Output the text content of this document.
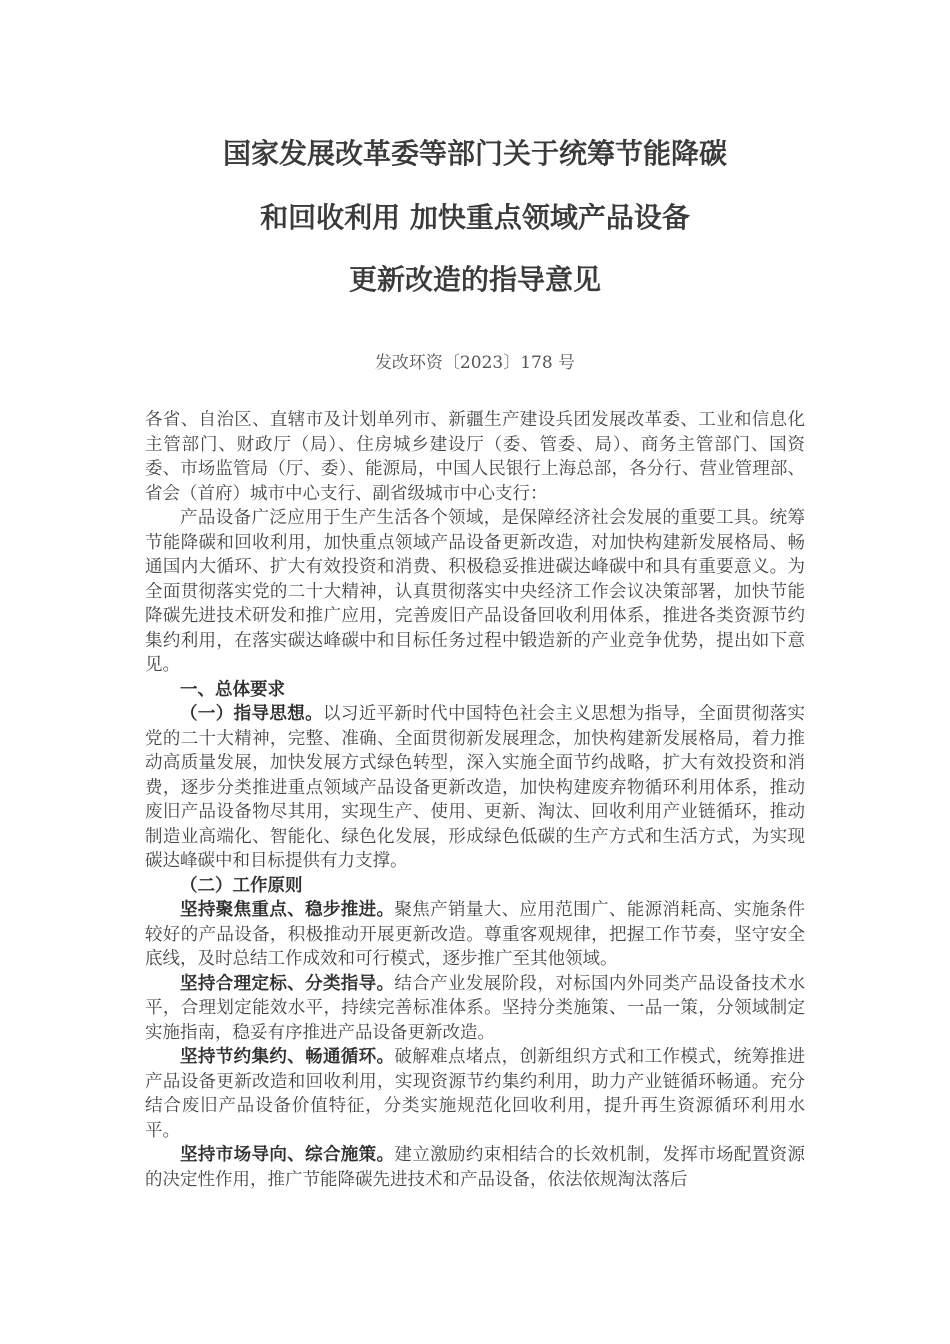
国家发展改革委等部门关于统筹节能降碳
和回收利用 加快重点领域产品设备
更新改造的指导意见
发改环资〔2023〕178 号

各省、自治区、直辖市及计划单列市、新疆生产建设兵团发展改革委、工业和信息化主管部门、财政厅（局）、住房城乡建设厅（委、管委、局）、商务主管部门、国资委、市场监管局（厅、委）、能源局，中国人民银行上海总部，各分行、营业管理部、省会（首府）城市中心支行、副省级城市中心支行：

产品设备广泛应用于生产生活各个领域，是保障经济社会发展的重要工具。统筹节能降碳和回收利用，加快重点领域产品设备更新改造，对加快构建新发展格局、畅通国内大循环、扩大有效投资和消费、积极稳妥推进碳达峰碳中和具有重要意义。为全面贯彻落实党的二十大精神，认真贯彻落实中央经济工作会议决策部署，加快节能降碳先进技术研发和推广应用，完善废旧产品设备回收利用体系，推进各类资源节约集约利用，在落实碳达峰碳中和目标任务过程中锻造新的产业竞争优势，提出如下意见。

一、总体要求

（一）指导思想。以习近平新时代中国特色社会主义思想为指导，全面贯彻落实党的二十大精神，完整、准确、全面贯彻新发展理念，加快构建新发展格局，着力推动高质量发展，加快发展方式绿色转型，深入实施全面节约战略，扩大有效投资和消费，逐步分类推进重点领域产品设备更新改造，加快构建废弃物循环利用体系，推动废旧产品设备物尽其用，实现生产、使用、更新、淘汰、回收利用产业链循环，推动制造业高端化、智能化、绿色化发展，形成绿色低碳的生产方式和生活方式，为实现碳达峰碳中和目标提供有力支撑。

（二）工作原则

坚持聚焦重点、稳步推进。聚焦产销量大、应用范围广、能源消耗高、实施条件较好的产品设备，积极推动开展更新改造。尊重客观规律，把握工作节奏，坚守安全底线，及时总结工作成效和可行模式，逐步推广至其他领域。

坚持合理定标、分类指导。结合产业发展阶段，对标国内外同类产品设备技术水平，合理划定能效水平，持续完善标准体系。坚持分类施策、一品一策，分领域制定实施指南，稳妥有序推进产品设备更新改造。

坚持节约集约、畅通循环。破解难点堵点，创新组织方式和工作模式，统筹推进产品设备更新改造和回收利用，实现资源节约集约利用，助力产业链循环畅通。充分结合废旧产品设备价值特征，分类实施规范化回收利用，提升再生资源循环利用水平。

坚持市场导向、综合施策。建立激励约束相结合的长效机制，发挥市场配置资源的决定性作用，推广节能降碳先进技术和产品设备，依法依规淘汰落后
